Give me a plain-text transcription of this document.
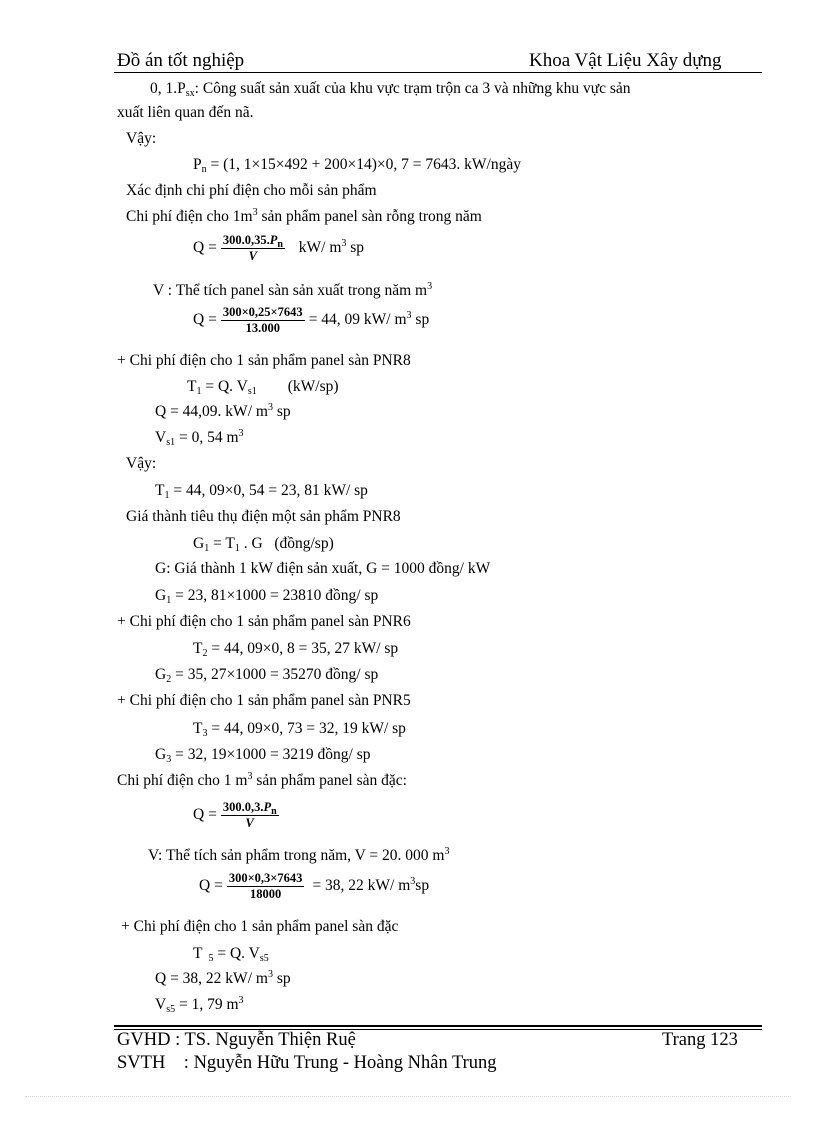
Đồ án tốt nghiệp	Khoa Vật Liệu Xây dựng
0, $1.P_{sx}$: Công suất sản xuất của khu vực trạm trộn ca 3 và những khu vực sản
xuất liên quan đến nã.
Vậy:
$P_n = (1$, 1×15×492 + 200×14)×0, 7 = 7643. kW/ngày
Xác định chi phí điện cho mỗi sản phẩm
Chi phí điện cho $1m^3$ sản phẩm panel sàn rỗng trong năm
$Q = \frac{300.0,35.P_n}{V} kW/$ $m^3$ sp
V : Thể tích panel sàn sản xuất trong năm $m^3$
$Q = \frac{300\times 0,25\times 7643}{13.000} = 44$, 09 kW/ $m^3$ sp
+ Chi phí điện cho 1 sản phẩm panel sàn PNR8
$T_1 = Q$. $V_{s1}$        (kW/sp)
Q = 44,09. kW/ $m^3$ sp
$V_{s1} = 0$, 54 $m^3$
Vậy:
$T_1 = 44$, 09×0, 54 = 23, 81 kW/ sp
Giá thành tiêu thụ điện một sản phẩm PNR8
$G_1 = T_1$ . G   (đồng/sp)
G: Giá thành 1 kW điện sản xuất, G = 1000 đồng/ kW
$G_1 = 23$, 81×1000 = 23810 đồng/ sp
+ Chi phí điện cho 1 sản phẩm panel sàn PNR6
$T_2 = 44$, 09×0, 8 = 35, 27 kW/ sp
$G_2 = 35$, 27×1000 = 35270 đồng/ sp
+ Chi phí điện cho 1 sản phẩm panel sàn PNR5
$T_3 = 44$, 09×0, 73 = 32, 19 kW/ sp
$G_3 = 32$, 19×1000 = 3219 đồng/ sp
Chi phí điện cho 1 $m^3$ sản phẩm panel sàn đặc:
$Q = \frac{300.0,3.P_n}{V}$
V: Thể tích sản phẩm trong năm, V = 20. 000 $m^3$
$Q = \frac{300\times 0,3\times 7643}{18000} = 38$, 22 kW/ $m^3sp$
+ Chi phí điện cho 1 sản phẩm panel sàn đặc
T $_5$ = Q. $V_{s5}$
Q = 38, 22 kW/ $m^3$ sp
$V_{s5} = 1$, 79 $m^3$
GVHD : TS. Nguyễn Thiện Ruệ	Trang 123
SVTH    : Nguyễn Hữu Trung - Hoàng Nhân Trung
